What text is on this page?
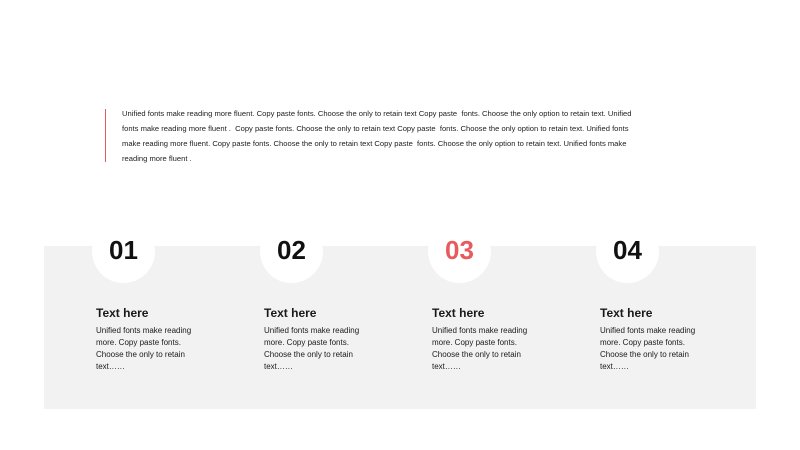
Unified fonts make reading more fluent. Copy paste fonts. Choose the only to retain text Copy paste  fonts. Choose the only option to retain text. Unified fonts make reading more fluent .  Copy paste fonts. Choose the only to retain text Copy paste  fonts. Choose the only option to retain text. Unified fonts make reading more fluent. Copy paste fonts. Choose the only to retain text Copy paste  fonts. Choose the only option to retain text. Unified fonts make reading more fluent .

01
Text here
Unified fonts make reading more. Copy paste fonts. Choose the only to retain text……
02
Text here
Unified fonts make reading more. Copy paste fonts. Choose the only to retain text……
03
Text here
Unified fonts make reading more. Copy paste fonts. Choose the only to retain text……
04
Text here
Unified fonts make reading more. Copy paste fonts. Choose the only to retain text……
